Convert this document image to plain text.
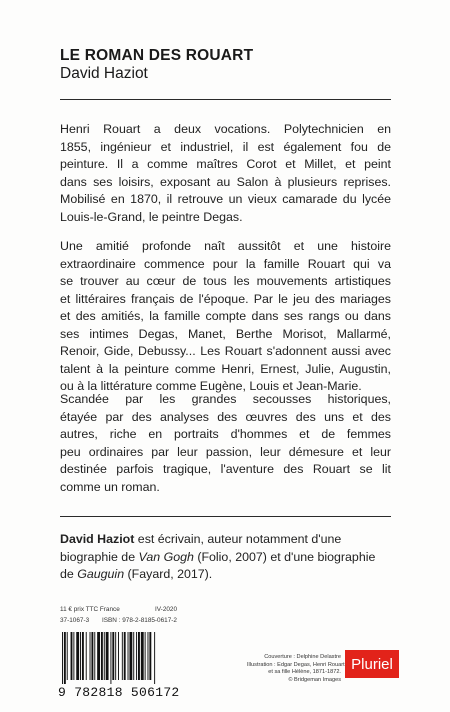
LE ROMAN DES ROUART
David Haziot
Henri Rouart a deux vocations. Polytechnicien en
1855, ingénieur et industriel, il est également fou de
peinture. Il a comme maîtres Corot et Millet, et peint
dans ses loisirs, exposant au Salon à plusieurs reprises.
Mobilisé en 1870, il retrouve un vieux camarade du lycée
Louis-le-Grand, le peintre Degas.
Une amitié profonde naît aussitôt et une histoire
extraordinaire commence pour la famille Rouart qui va
se trouver au cœur de tous les mouvements artistiques
et littéraires français de l'époque. Par le jeu des mariages
et des amitiés, la famille compte dans ses rangs ou dans
ses intimes Degas, Manet, Berthe Morisot, Mallarmé,
Renoir, Gide, Debussy... Les Rouart s'adonnent aussi avec
talent à la peinture comme Henri, Ernest, Julie, Augustin,
ou à la littérature comme Eugène, Louis et Jean-Marie.
Scandée par les grandes secousses historiques,
étayée par des analyses des œuvres des uns et des
autres, riche en portraits d'hommes et de femmes
peu ordinaires par leur passion, leur démesure et leur
destinée parfois tragique, l'aventure des Rouart se lit
comme un roman.
David Haziot est écrivain, auteur notamment d'une
biographie de Van Gogh (Folio, 2007) et d'une biographie
de Gauguin (Fayard, 2017).
11 € prix TTC France	IV-2020
37-1067-3 ISBN : 978-2-8185-0617-2
9 782818 506172
Couverture : Delphine Delastre
Illustration : Edgar Degas, Henri Rouart
et sa fille Hélène, 1871-1872.
© Bridgeman Images
Pluriel
